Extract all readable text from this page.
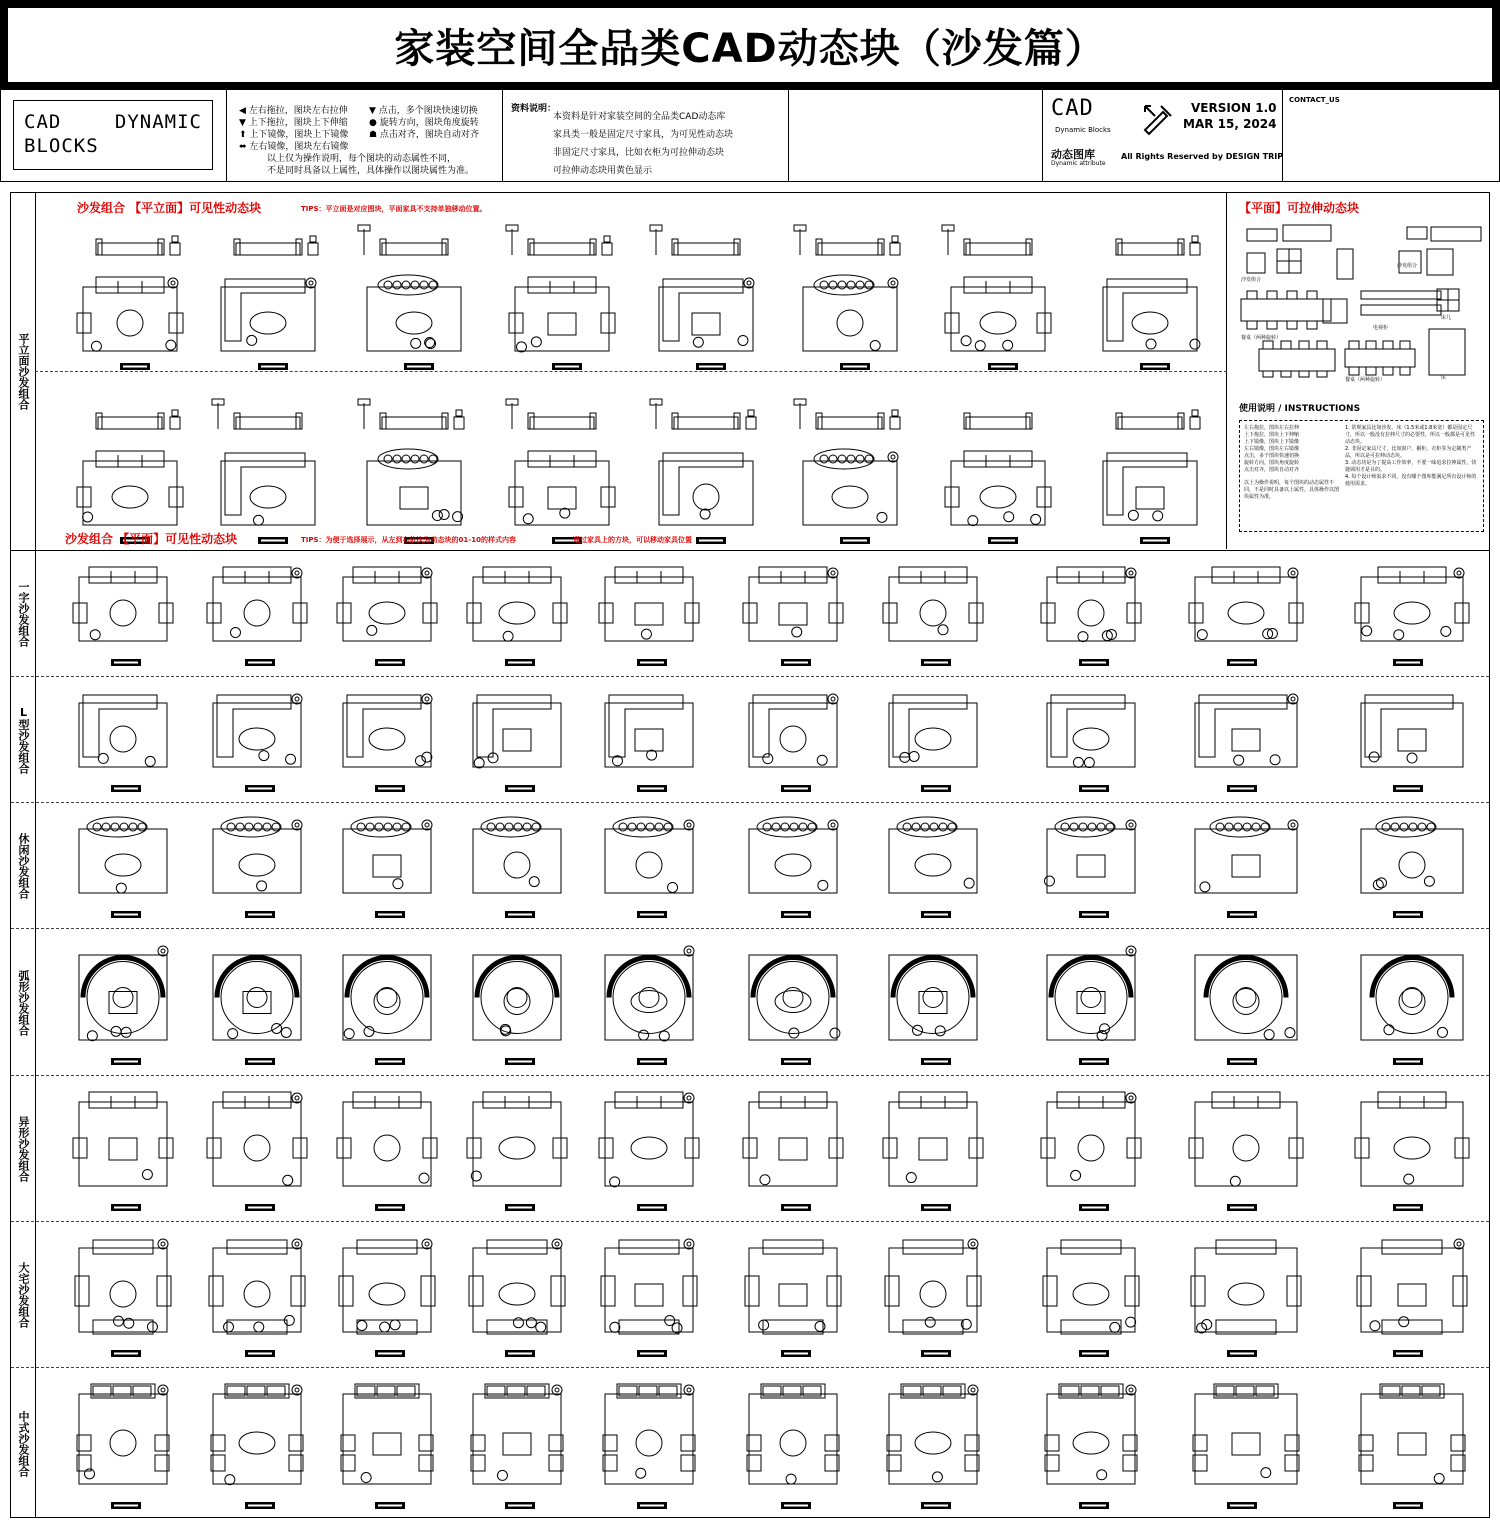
家装空间全品类CAD动态块（沙发篇）
CAD	DYNAMIC
BLOCKS
◀ 左右拖拉，图块左右拉伸	▼ 点击，多个图块快速切换
▼ 上下拖拉，图块上下伸缩	● 旋转方向，图块角度旋转
⬆ 上下镜像，图块上下镜像	☗ 点击对齐，图块自动对齐
⬌ 左右镜像，图块左右镜像
以上仅为操作说明，每个图块的动态属性不同，
不是同时具备以上属性，具体操作以图块属性为准。
资料说明：
本资料是针对家装空间的全品类CAD动态库
家具类一般是固定尺寸家具，为可见性动态块
非固定尺寸家具，比如衣柜为可拉伸动态块
可拉伸动态块用黄色显示
CAD
Dynamic Blocks
VERSION 1.0
MAR 15, 2024
动态图库
Dynamic attribute
All Rights Reserved by DESIGN TRIP
CONTACT_US
平立面沙发组合
沙发组合 【平立面】可见性动态块	TIPS：平立面是对应图块，平面家具不支持单独移动位置。	【平面】可拉伸动态块
沙发组合
沙发组合
电视柜
床几
餐桌（两种旋转）
床
餐桌（两种旋转）
使用说明 / INSTRUCTIONS
左右拖拉，图块左右拉伸
上下拖拉，图块上下伸缩
上下镜像，图块上下镜像
左右镜像，图块左右镜像
点击，多个图块快速切换
旋转方向，图块角度旋转
点击对齐，图块自动对齐
以上为操作说明，每个图块的动态属性不同，不是同时具备以上属性，具体操作以图块属性为准。
1. 常规家具比如沙发、床（1.5米或1.8米宽）都是固定尺寸，所以一般没有拉伸尺寸的必要性，所以一般都是可见性动态块。
2. 非固定家具尺寸，比如窗户、橱柜、衣柜等为定制类产品，所以是可拉伸动态块。
3. 动态块是为了提高工作效率，不要一味追求拉伸属性，快捷调用才是目的。
4. 每个设计师需求不同，没有哪个图库能满足所有设计师的使用需求。
沙发组合 【平面】可见性动态块	TIPS：为便于选择展示，从左到右依次为动态块的01-10的样式内容	通过家具上的方块，可以移动家具位置
一字沙发组合
L型沙发组合
休闲沙发组合
弧形沙发组合
异形沙发组合
大宅沙发组合
中式沙发组合
